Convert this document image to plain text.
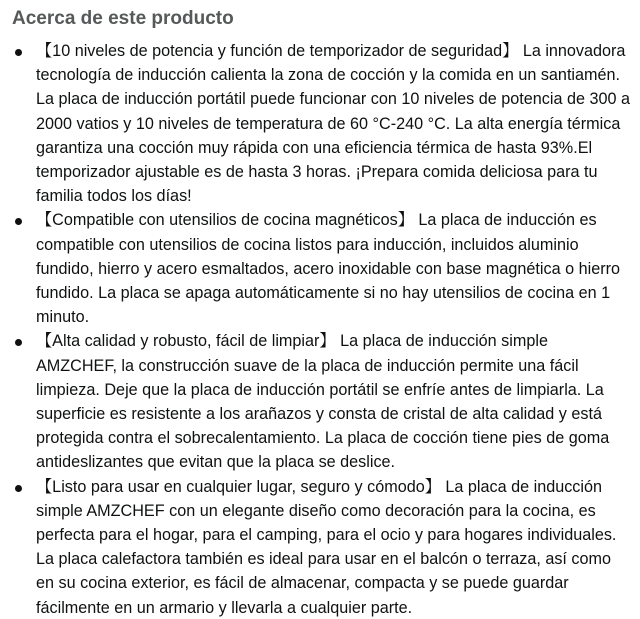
Acerca de este producto
【10 niveles de potencia y función de temporizador de seguridad】 La innovadora tecnología de inducción calienta la zona de cocción y la comida en un santiamén. La placa de inducción portátil puede funcionar con 10 niveles de potencia de 300 a 2000 vatios y 10 niveles de temperatura de 60 °C-240 °C. La alta energía térmica garantiza una cocción muy rápida con una eficiencia térmica de hasta 93%.El temporizador ajustable es de hasta 3 horas. ¡Prepara comida deliciosa para tu familia todos los días!
【Compatible con utensilios de cocina magnéticos】 La placa de inducción es compatible con utensilios de cocina listos para inducción, incluidos aluminio fundido, hierro y acero esmaltados, acero inoxidable con base magnética o hierro fundido. La placa se apaga automáticamente si no hay utensilios de cocina en 1 minuto.
【Alta calidad y robusto, fácil de limpiar】 La placa de inducción simple AMZCHEF, la construcción suave de la placa de inducción permite una fácil limpieza. Deje que la placa de inducción portátil se enfríe antes de limpiarla. La superficie es resistente a los arañazos y consta de cristal de alta calidad y está protegida contra el sobrecalentamiento. La placa de cocción tiene pies de goma antideslizantes que evitan que la placa se deslice.
【Listo para usar en cualquier lugar, seguro y cómodo】 La placa de inducción simple AMZCHEF con un elegante diseño como decoración para la cocina, es perfecta para el hogar, para el camping, para el ocio y para hogares individuales. La placa calefactora también es ideal para usar en el balcón o terraza, así como en su cocina exterior, es fácil de almacenar, compacta y se puede guardar fácilmente en un armario y llevarla a cualquier parte.
